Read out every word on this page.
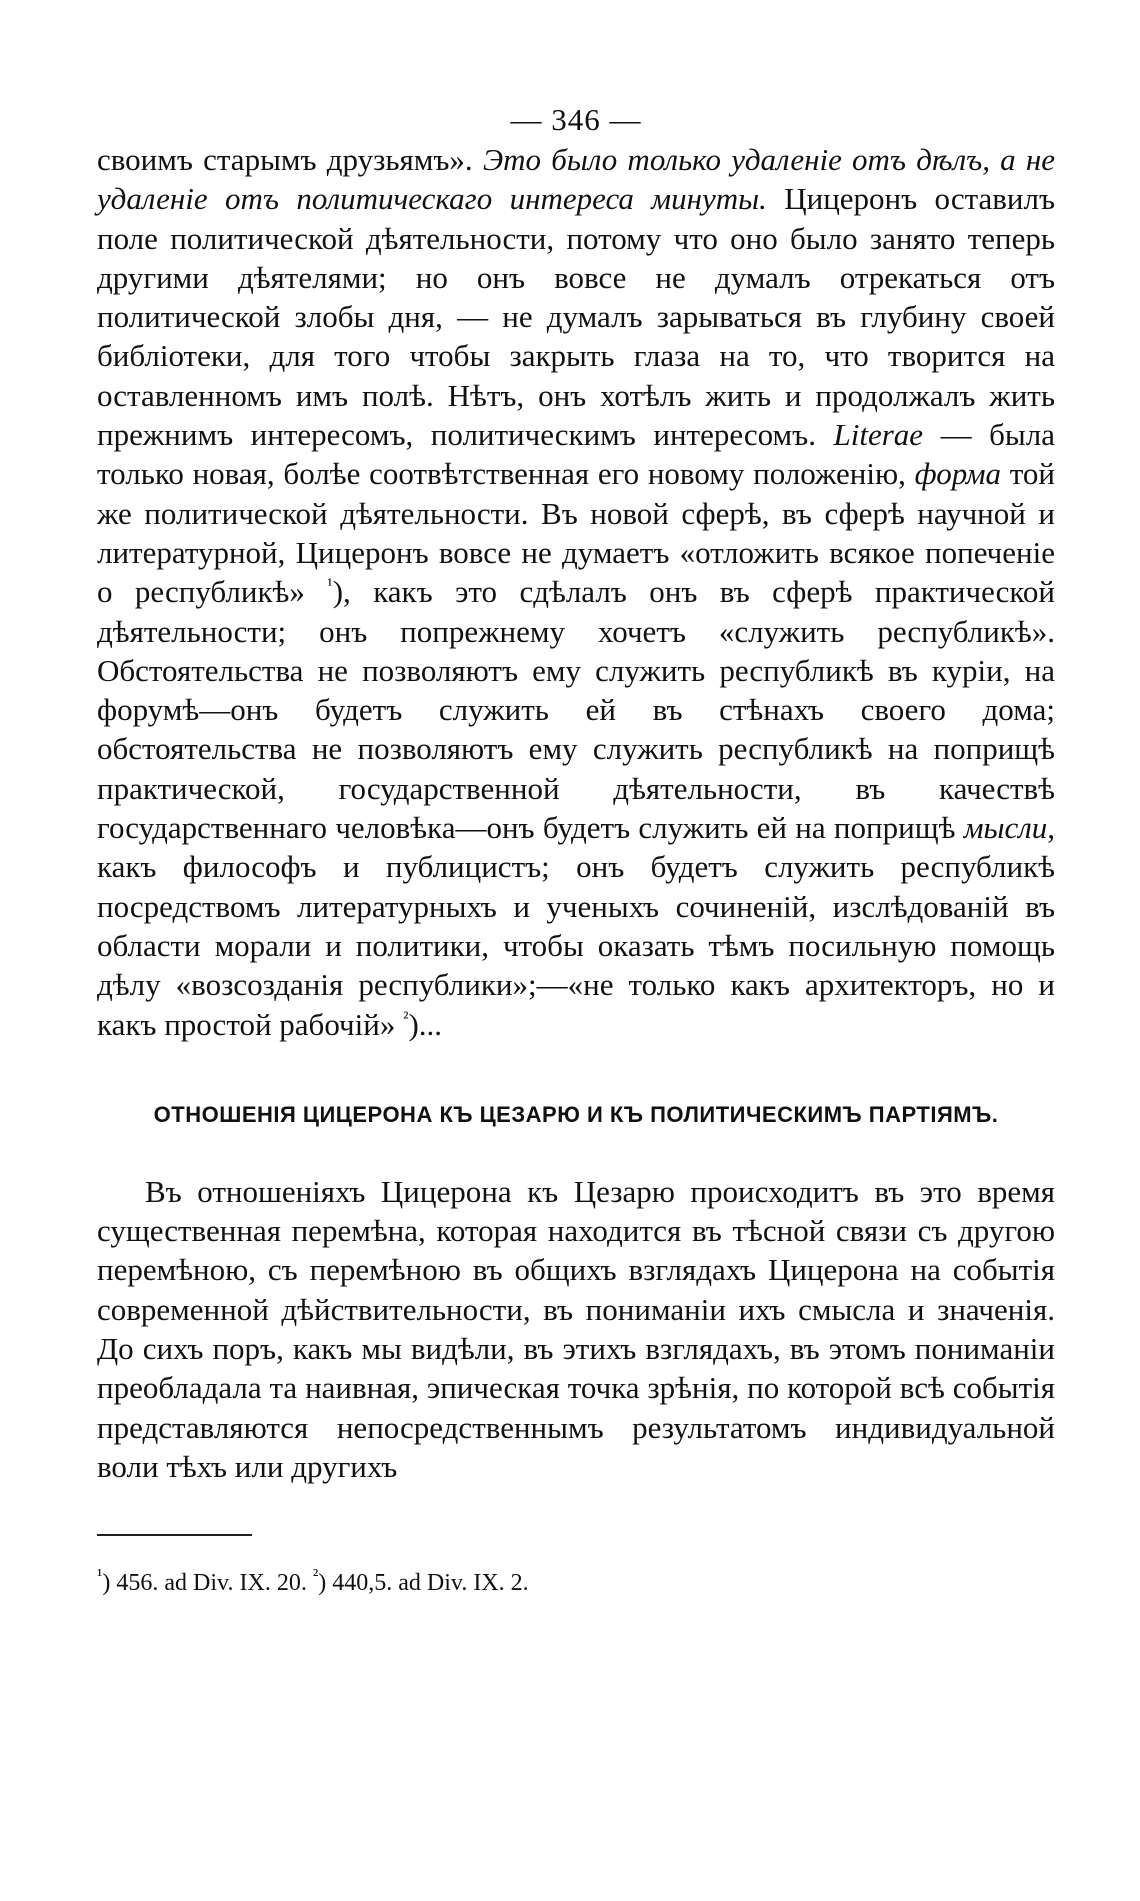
— 346 —

своимъ старымъ друзьямъ». Это было только удаленіе отъ дѣлъ, а не удаленіе отъ политическаго интереса минуты. Цицеронъ оставилъ поле политической дѣятельности, потому что оно было занято теперь другими дѣятелями; но онъ вовсе не думалъ отрекаться отъ политической злобы дня, — не думалъ зарываться въ глубину своей библіотеки, для того чтобы закрыть глаза на то, что творится на оставленномъ имъ полѣ. Нѣтъ, онъ хотѣлъ жить и продолжалъ жить прежнимъ интересомъ, политическимъ интересомъ. Literae — была только новая, болѣе соотвѣтственная его новому положенію, форма той же политической дѣятельности. Въ новой сферѣ, въ сферѣ научной и литературной, Цицеронъ вовсе не думаетъ «отложить всякое попеченіе о республикѣ» $^{^1}$), какъ это сдѣлалъ онъ въ сферѣ практической дѣятельности; онъ попрежнему хочетъ «служить республикѣ». Обстоятельства не позволяютъ ему служить республикѣ въ куріи, на форумѣ—онъ будетъ служить ей въ стѣнахъ своего дома; обстоятельства не позволяютъ ему служить республикѣ на поприщѣ практической, государственной дѣятельности, въ качествѣ государственнаго человѣка—онъ будетъ служить ей на поприщѣ мысли, какъ философъ и публицистъ; онъ будетъ служить республикѣ посредствомъ литературныхъ и ученыхъ сочиненій, изслѣдованій въ области морали и политики, чтобы оказать тѣмъ посильную помощь дѣлу «возсозданія республики»;—«не только какъ архитекторъ, но и какъ простой рабочій» $^{^2}$)...

ОТНОШЕНІЯ ЦИЦЕРОНА КЪ ЦЕЗАРЮ И КЪ ПОЛИТИЧЕСКИМЪ ПАРТІЯМЪ.

Въ отношеніяхъ Цицерона къ Цезарю происходитъ въ это время существенная перемѣна, которая находится въ тѣсной связи съ другою перемѣною, съ перемѣною въ общихъ взглядахъ Цицерона на событія современной дѣйствительности, въ пониманіи ихъ смысла и значенія. До сихъ поръ, какъ мы видѣли, въ этихъ взглядахъ, въ этомъ пониманіи преобладала та наивная, эпическая точка зрѣнія, по которой всѣ событія представляются непосредственнымъ результатомъ индивидуальной воли тѣхъ или другихъ

$^{^1}$) 456. ad Div. IX. 20. $^{^2}$) 440,5. ad Div. IX. 2.
